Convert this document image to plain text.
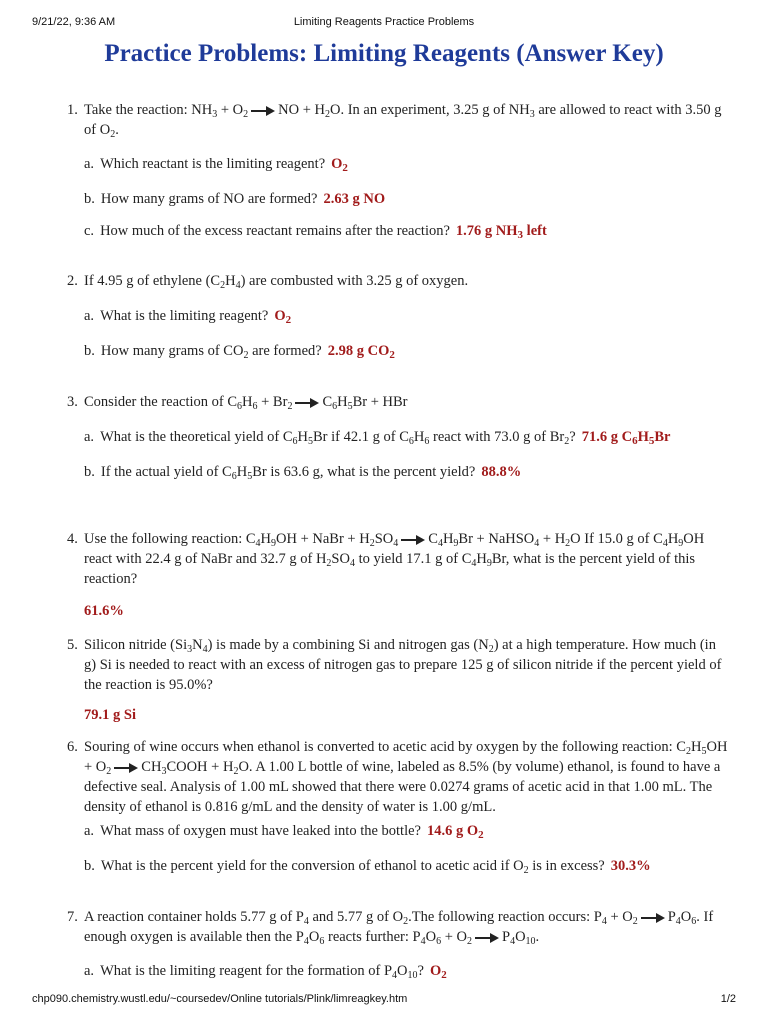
9/21/22, 9:36 AM	Limiting Reagents Practice Problems
Practice Problems: Limiting Reagents (Answer Key)
1. Take the reaction: $NH_3 + O_2$ → NO + $H_2O$. In an experiment, 3.25 g of $NH_3$ are allowed to react with 3.50 g of $O_2$.
a. Which reactant is the limiting reagent? $O_2$
b. How many grams of NO are formed? 2.63 g NO
c. How much of the excess reactant remains after the reaction? 1.76 g $NH_3$ left
2. If 4.95 g of ethylene $(C_2H_4)$ are combusted with 3.25 g of oxygen.
a. What is the limiting reagent? $O_2$
b. How many grams of $CO_2$ are formed? 2.98 g $CO_2$
3. Consider the reaction of $C_6H_6 + Br_2 \to C_6H_5Br$ + HBr
a. What is the theoretical yield of $C_6H_5Br$ if 42.1 g of $C_6H_6$ react with 73.0 g of $Br_2$? 71.6 g $C_6H_5Br$
b. If the actual yield of $C_6H_5Br$ is 63.6 g, what is the percent yield? 88.8%
4. Use the following reaction: $C_4H_9OH$ + NaBr + $H_2SO_4 \to C_4H_9Br$ + NaHSO$_4$ + $H_2O$ If 15.0 g of $C_4H_9OH$ react with 22.4 g of NaBr and 32.7 g of $H_2SO_4$ to yield 17.1 g of $C_4H_9Br$, what is the percent yield of this reaction?
61.6%
5. Silicon nitride $(Si_3N_4)$ is made by a combining Si and nitrogen gas $(N_2)$ at a high temperature. How much (in g) Si is needed to react with an excess of nitrogen gas to prepare 125 g of silicon nitride if the percent yield of the reaction is 95.0%?
79.1 g Si
6. Souring of wine occurs when ethanol is converted to acetic acid by oxygen by the following reaction: $C_2H_5OH + O_2$ → $CH_3COOH + H_2O$. A 1.00 L bottle of wine, labeled as 8.5% (by volume) ethanol, is found to have a defective seal. Analysis of 1.00 mL showed that there were 0.0274 grams of acetic acid in that 1.00 mL. The density of ethanol is 0.816 g/mL and the density of water is 1.00 g/mL.
a. What mass of oxygen must have leaked into the bottle? 14.6 g $O_2$
b. What is the percent yield for the conversion of ethanol to acetic acid if $O_2$ is in excess? 30.3%
7. A reaction container holds 5.77 g of $P_4$ and 5.77 g of $O_2.The$ following reaction occurs: $P_4 + O_2 \to P_4O_6$. If enough oxygen is available then the $P_4O_6$ reacts further: $P_4O_6 + O_2 \to P_4O_{10}$.
a. What is the limiting reagent for the formation of $P_4O_{10}$? $O_2$
chp090.chemistry.wustl.edu/~coursedev/Online tutorials/Plink/limreagkey.htm	1/2
